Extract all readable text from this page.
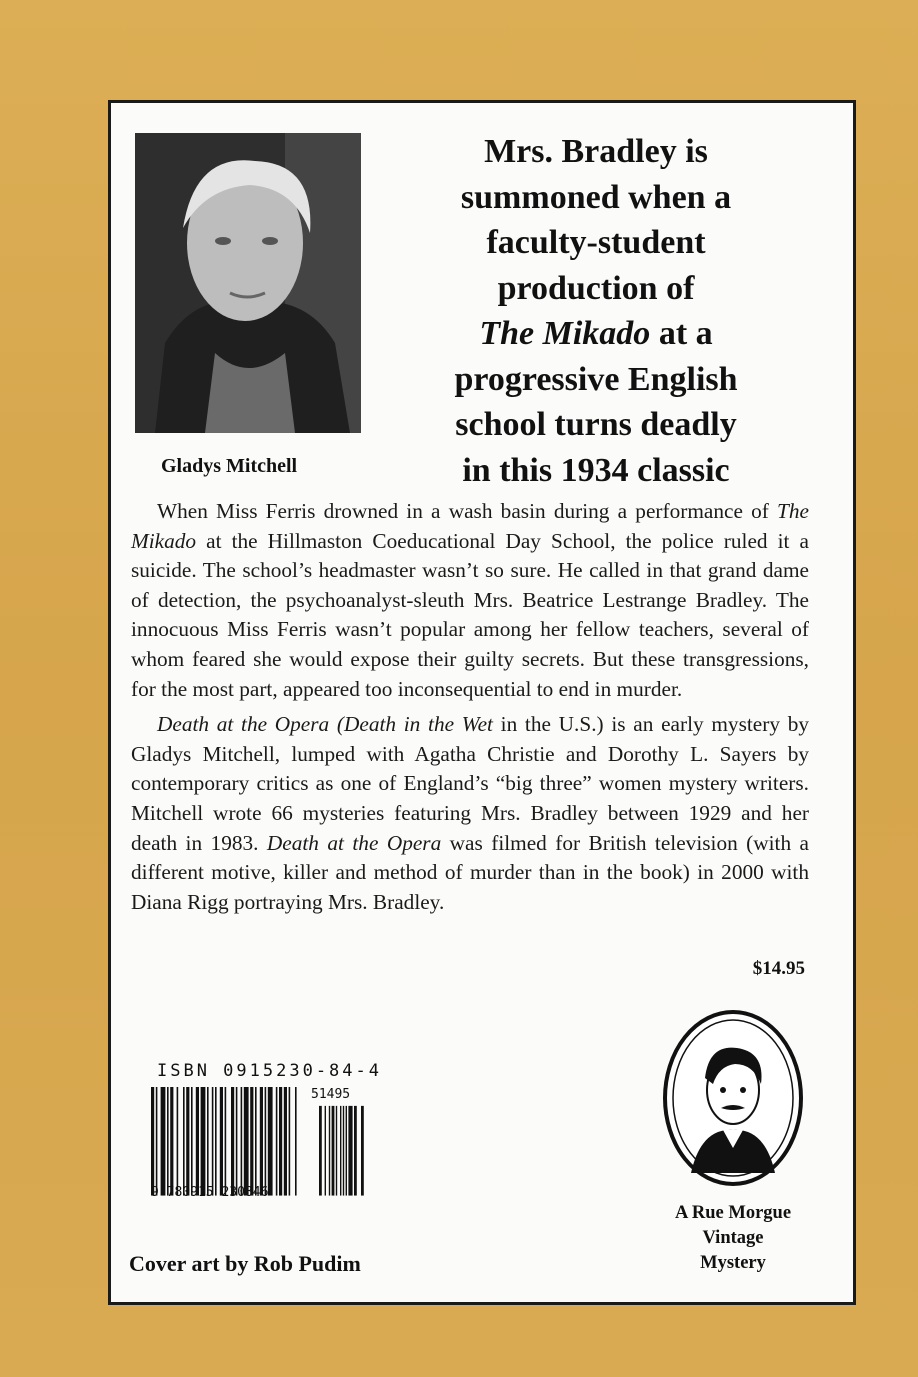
Gladys Mitchell
Mrs. Bradley is
summoned when a
faculty-student
production of
The Mikado at a
progressive English
school turns deadly
in this 1934 classic

When Miss Ferris drowned in a wash basin during a performance of The Mikado at the Hillmaston Coeducational Day School, the police ruled it a suicide. The school’s headmaster wasn’t so sure. He called in that grand dame of detection, the psychoanalyst-sleuth Mrs. Beatrice Lestrange Bradley. The innocuous Miss Ferris wasn’t popular among her fellow teachers, several of whom feared she would expose their guilty secrets. But these transgressions, for the most part, appeared too inconsequential to end in murder.

Death at the Opera (Death in the Wet in the U.S.) is an early mystery by Gladys Mitchell, lumped with Agatha Christie and Dorothy L. Sayers by contemporary critics as one of England’s “big three” women mystery writers. Mitchell wrote 66 mysteries featuring Mrs. Bradley between 1929 and her death in 1983. Death at the Opera was filmed for British television (with a different motive, killer and method of murder than in the book) in 2000 with Diana Rigg portraying Mrs. Bradley.

$14.95
ISBN 0915230-84-4
51495
9 780915 230846
A Rue Morgue
Vintage
Mystery
Cover art by Rob Pudim
